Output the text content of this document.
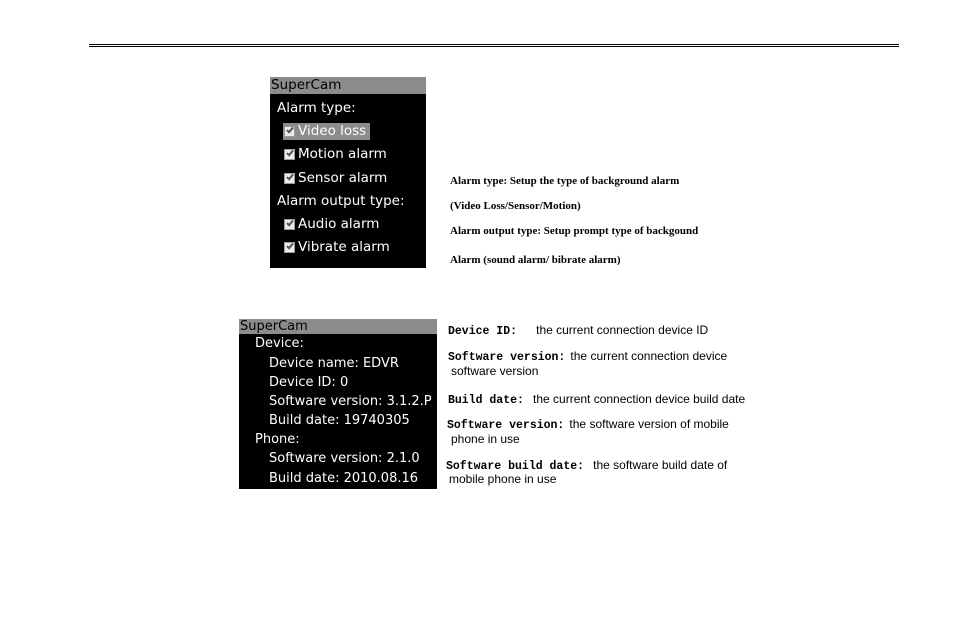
SuperCam
Alarm type:
Video loss
Motion alarm
Sensor alarm
Alarm output type:
Audio alarm
Vibrate alarm
Alarm type: Setup the type of background alarm
(Video Loss/Sensor/Motion)
Alarm output type: Setup prompt type of backgound
Alarm (sound alarm/ bibrate alarm)
SuperCam
Device:
Device name: EDVR
Device ID: 0
Software version: 3.1.2.P
Build date: 19740305
Phone:
Software version: 2.1.0
Build date: 2010.08.16
Device ID: the current connection device ID
Software version: the current connection device
software version
Build date: the current connection device build date
Software version: the software version of mobile
phone in use
Software build date: the software build date of
mobile phone in use
